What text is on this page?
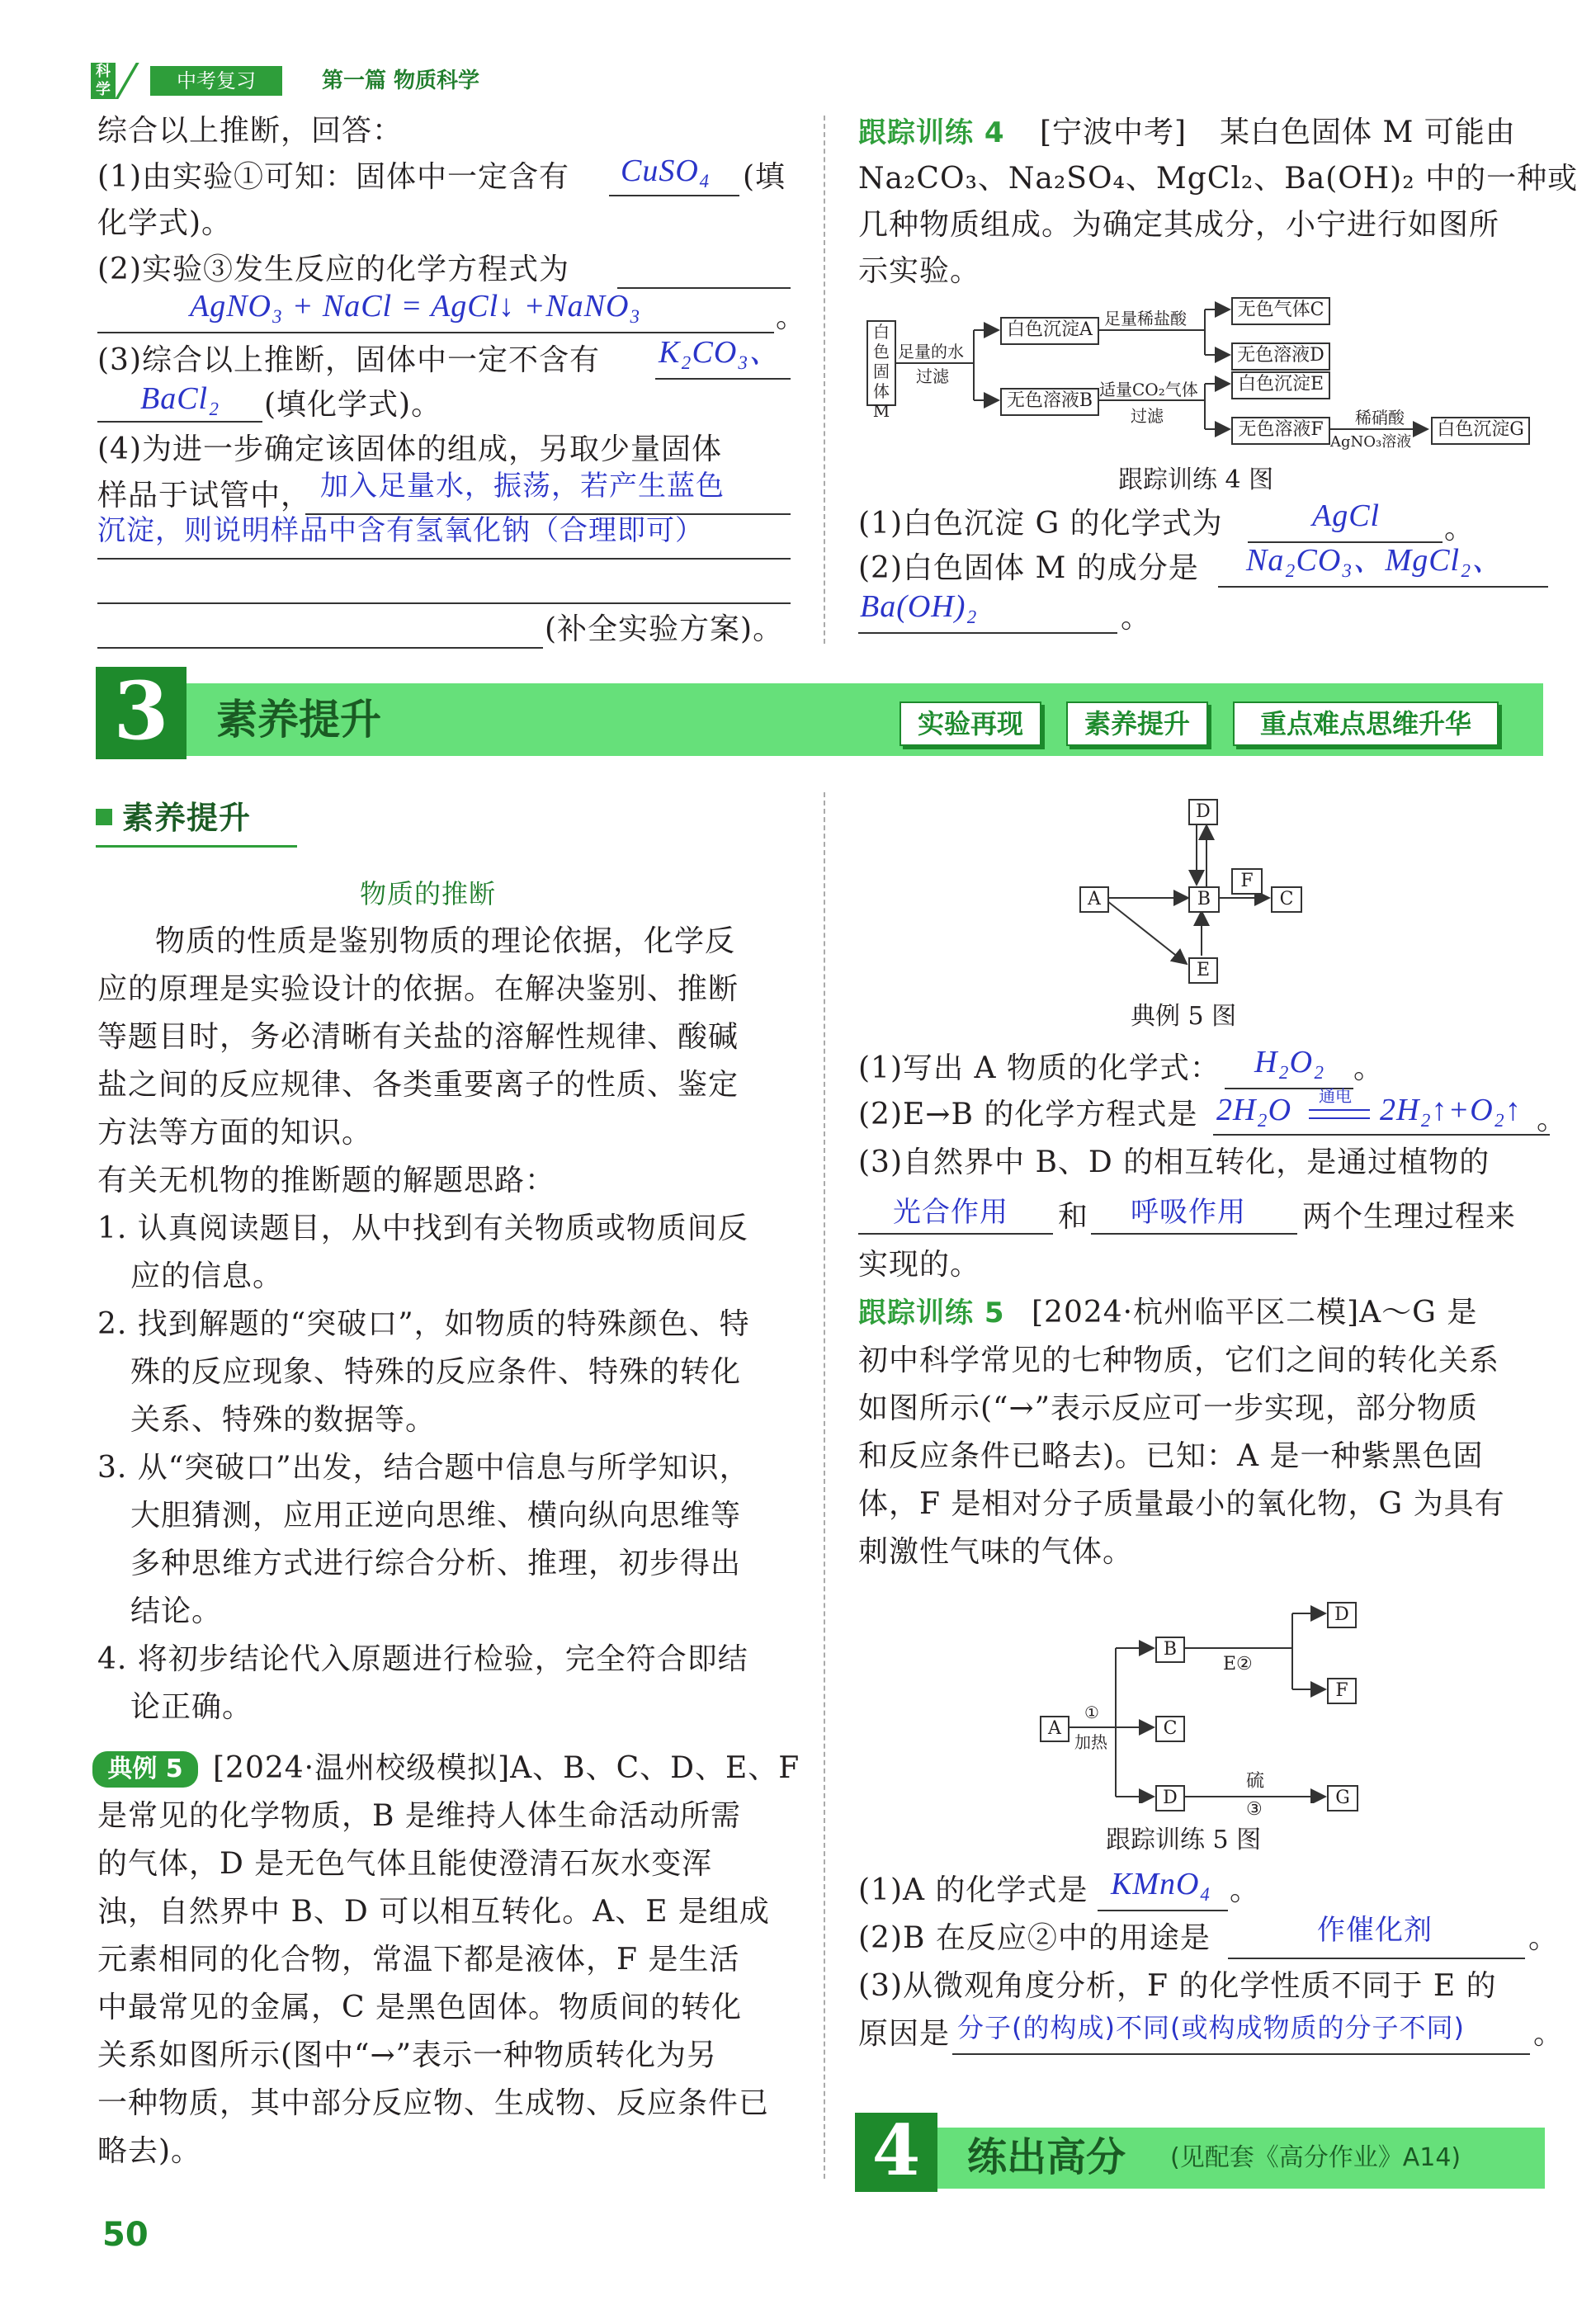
科学	中考复习	第一篇 物质科学
综合以上推断，回答：
(1)由实验①可知：固体中一定含有 CuSO₄ (填
化学式)。
(2)实验③发生反应的化学方程式为
AgNO₃ + NaCl = AgCl↓ +NaNO₃	。
(3)综合以上推断，固体中一定不含有 K₂CO₃、
BaCl₂ (填化学式)。
(4)为进一步确定该固体的组成，另取少量固体
样品于试管中， 加入足量水，振荡，若产生蓝色
沉淀，则说明样品中含有氢氧化钠（合理即可）
(补全实验方案)。
跟踪训练 4 [宁波中考] 某白色固体 M 可能由
Na₂CO₃、Na₂SO₄、MgCl₂、Ba(OH)₂ 中的一种或
几种物质组成。为确定其成分，小宁进行如图所
示实验。
白色固体M
足量的水
过滤
白色沉淀A
足量稀盐酸	无色气体C
无色溶液D
无色溶液B
适量CO₂气体
过滤
白色沉淀E
无色溶液F
稀硝酸
AgNO₃溶液
白色沉淀G
跟踪训练 4 图
(1)白色沉淀 G 的化学式为	AgCl 。
(2)白色固体 M 的成分是 Na₂CO₃、MgCl₂、
Ba(OH)₂	。
3	素养提升	实验再现	素养提升	重点难点思维升华
素养提升
物质的推断
物质的性质是鉴别物质的理论依据，化学反
应的原理是实验设计的依据。在解决鉴别、推断
等题目时，务必清晰有关盐的溶解性规律、酸碱
盐之间的反应规律、各类重要离子的性质、鉴定
方法等方面的知识。
有关无机物的推断题的解题思路：
1. 认真阅读题目，从中找到有关物质或物质间反
应的信息。
2. 找到解题的“突破口”，如物质的特殊颜色、特
殊的反应现象、特殊的反应条件、特殊的转化
关系、特殊的数据等。
3. 从“突破口”出发，结合题中信息与所学知识，
大胆猜测，应用正逆向思维、横向纵向思维等
多种思维方式进行综合分析、推理，初步得出
结论。
4. 将初步结论代入原题进行检验，完全符合即结
论正确。
典例 5	[2024·温州校级模拟]A、B、C、D、E、F
是常见的化学物质，B 是维持人体生命活动所需
的气体，D 是无色气体且能使澄清石灰水变浑
浊，自然界中 B、D 可以相互转化。A、E 是组成
元素相同的化合物，常温下都是液体，F 是生活
中最常见的金属，C 是黑色固体。物质间的转化
关系如图所示(图中“→”表示一种物质转化为另
一种物质，其中部分反应物、生成物、反应条件已
略去)。
D
A	B
F
C
E
典例 5 图
(1)写出 A 物质的化学式： H₂O₂ 。
(2)E→B 的化学方程式是 2H₂O 通电 2H₂↑+O₂↑ 。
(3)自然界中 B、D 的相互转化，是通过植物的
光合作用 和 呼吸作用 两个生理过程来
实现的。
跟踪训练 5 [2024·杭州临平区二模]A～G 是
初中科学常见的七种物质，它们之间的转化关系
如图所示(“→”表示反应可一步实现，部分物质
和反应条件已略去)。已知：A 是一种紫黑色固
体，F 是相对分子质量最小的氧化物，G 为具有
刺激性气味的气体。
A
①
加热
B
E②
C
D
硫
③
D
F
G
跟踪训练 5 图
(1)A 的化学式是 KMnO₄ 。
(2)B 在反应②中的用途是	作催化剂	。
(3)从微观角度分析，F 的化学性质不同于 E 的
原因是 分子(的构成)不同(或构成物质的分子不同) 。
4	练出高分 (见配套《高分作业》A14)
50
